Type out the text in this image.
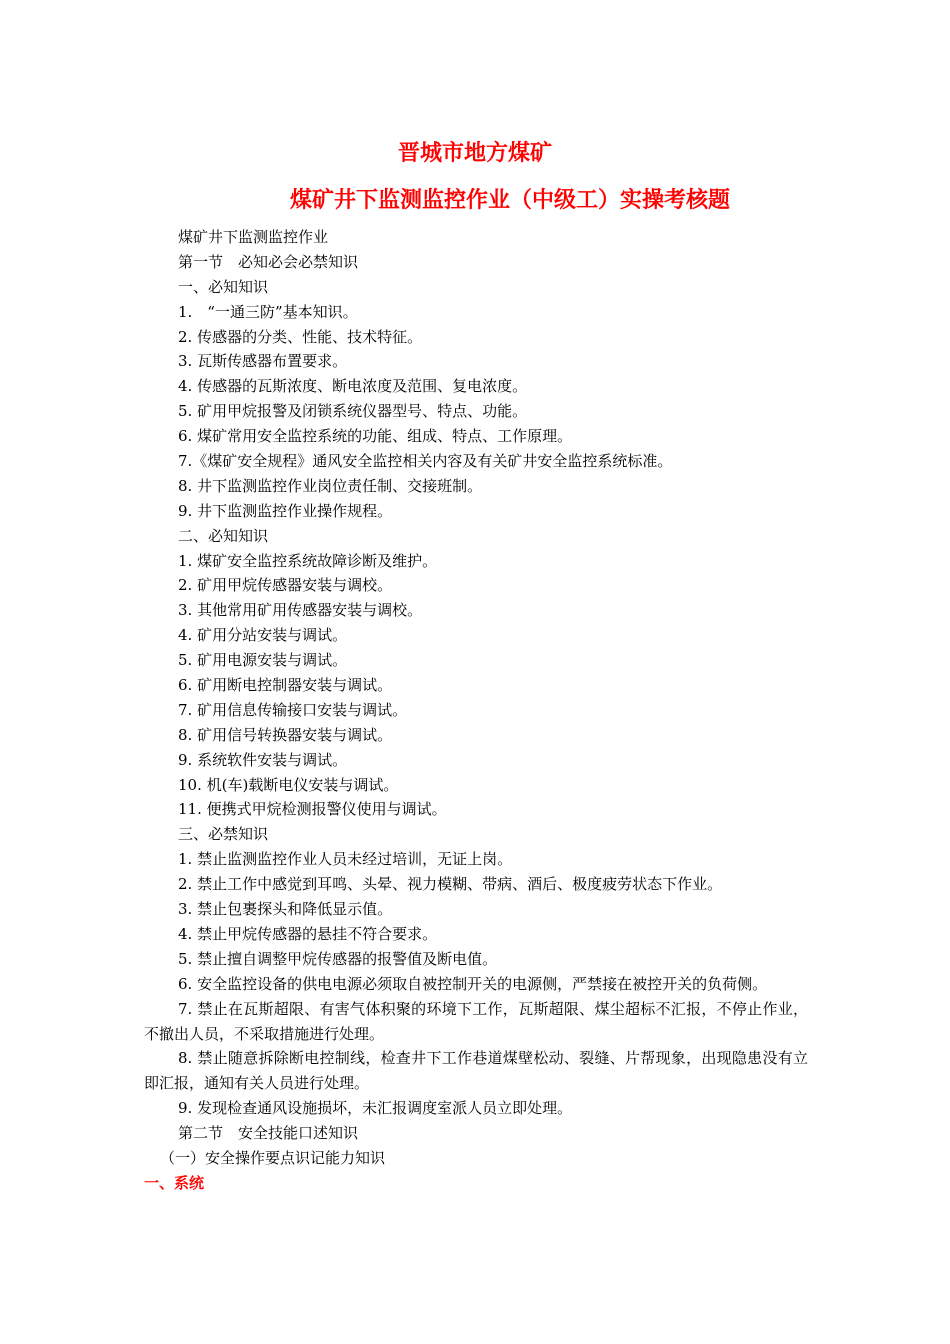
晋城市地方煤矿
煤矿井下监测监控作业（中级工）实操考核题
煤矿井下监测监控作业
第一节　必知必会必禁知识
一、必知知识
1.　“一通三防”基本知识。
2. 传感器的分类、性能、技术特征。
3. 瓦斯传感器布置要求。
4. 传感器的瓦斯浓度、断电浓度及范围、复电浓度。
5. 矿用甲烷报警及闭锁系统仪器型号、特点、功能。
6. 煤矿常用安全监控系统的功能、组成、特点、工作原理。
7.《煤矿安全规程》通风安全监控相关内容及有关矿井安全监控系统标准。
8. 井下监测监控作业岗位责任制、交接班制。
9. 井下监测监控作业操作规程。
二、必知知识
1. 煤矿安全监控系统故障诊断及维护。
2. 矿用甲烷传感器安装与调校。
3. 其他常用矿用传感器安装与调校。
4. 矿用分站安装与调试。
5. 矿用电源安装与调试。
6. 矿用断电控制器安装与调试。
7. 矿用信息传输接口安装与调试。
8. 矿用信号转换器安装与调试。
9. 系统软件安装与调试。
10. 机(车)载断电仪安装与调试。
11. 便携式甲烷检测报警仪使用与调试。
三、必禁知识
1. 禁止监测监控作业人员未经过培训，无证上岗。
2. 禁止工作中感觉到耳鸣、头晕、视力模糊、带病、酒后、极度疲劳状态下作业。
3. 禁止包裹探头和降低显示值。
4. 禁止甲烷传感器的悬挂不符合要求。
5. 禁止擅自调整甲烷传感器的报警值及断电值。

6. 安全监控设备的供电电源必须取自被控制开关的电源侧，严禁接在被控开关的负荷侧。

7. 禁止在瓦斯超限、有害气体积聚的环境下工作，瓦斯超限、煤尘超标不汇报，不停止作业，不撤出人员，不采取措施进行处理。

8. 禁止随意拆除断电控制线，检查井下工作巷道煤壁松动、裂缝、片帮现象，出现隐患没有立即汇报，通知有关人员进行处理。

9. 发现检查通风设施损坏，未汇报调度室派人员立即处理。

第二节　安全技能口述知识
（一）安全操作要点识记能力知识
一、系统
